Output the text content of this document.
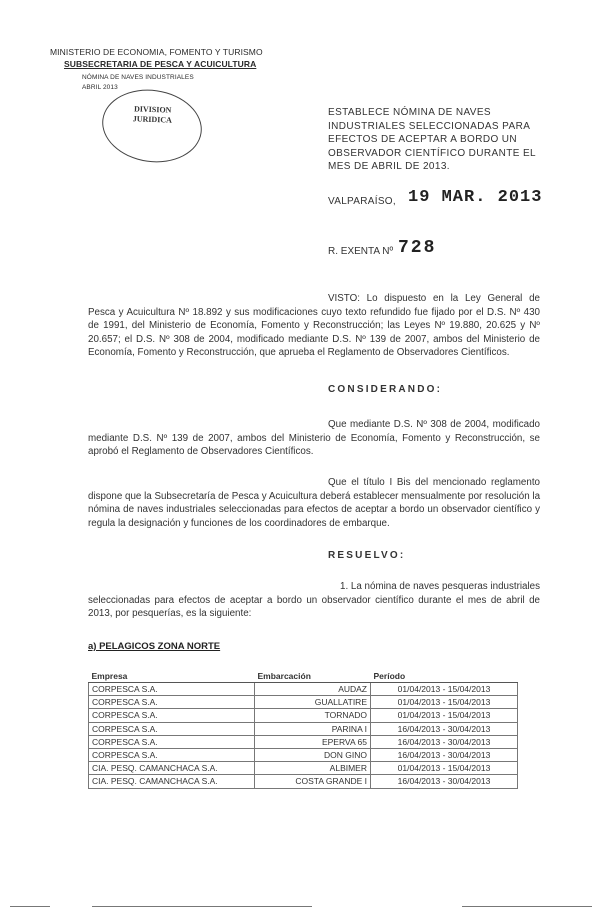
MINISTERIO DE ECONOMIA, FOMENTO Y TURISMO
SUBSECRETARIA DE PESCA Y ACUICULTURA
NÓMINA DE NAVES INDUSTRIALES
ABRIL 2013
DIVISION
JURIDICA
ESTABLECE NÓMINA DE NAVES INDUSTRIALES SELECCIONADAS PARA EFECTOS DE ACEPTAR A BORDO UN OBSERVADOR CIENTÍFICO DURANTE EL MES DE ABRIL DE 2013.
VALPARAÍSO, 19 MAR. 2013
R. EXENTA Nº 728
VISTO: Lo dispuesto en la Ley General de Pesca y Acuicultura Nº 18.892 y sus modificaciones cuyo texto refundido fue fijado por el D.S. Nº 430 de 1991, del Ministerio de Economía, Fomento y Reconstrucción; las Leyes Nº 19.880, 20.625 y Nº 20.657; el D.S. Nº 308 de 2004, modificado mediante D.S. Nº 139 de 2007, ambos del Ministerio de Economía, Fomento y Reconstrucción, que aprueba el Reglamento de Observadores Científicos.
CONSIDERANDO:
Que mediante D.S. Nº 308 de 2004, modificado mediante D.S. Nº 139 de 2007, ambos del Ministerio de Economía, Fomento y Reconstrucción, se aprobó el Reglamento de Observadores Científicos.
Que el título I Bis del mencionado reglamento dispone que la Subsecretaría de Pesca y Acuicultura deberá establecer mensualmente por resolución la nómina de naves industriales seleccionadas para efectos de aceptar a bordo un observador científico y regula la designación y funciones de los coordinadores de embarque.
RESUELVO:
1. La nómina de naves pesqueras industriales seleccionadas para efectos de aceptar a bordo un observador científico durante el mes de abril de 2013, por pesquerías, es la siguiente:
a) PELAGICOS ZONA NORTE
Empresa	Embarcación	Período
CORPESCA S.A.	AUDAZ	01/04/2013 - 15/04/2013
CORPESCA S.A.	GUALLATIRE	01/04/2013 - 15/04/2013
CORPESCA S.A.	TORNADO	01/04/2013 - 15/04/2013
CORPESCA S.A.	PARINA I	16/04/2013 - 30/04/2013
CORPESCA S.A.	EPERVA 65	16/04/2013 - 30/04/2013
CORPESCA S.A.	DON GINO	16/04/2013 - 30/04/2013
CIA. PESQ. CAMANCHACA S.A.	ALBIMER	01/04/2013 - 15/04/2013
CIA. PESQ. CAMANCHACA S.A.	COSTA GRANDE I	16/04/2013 - 30/04/2013
